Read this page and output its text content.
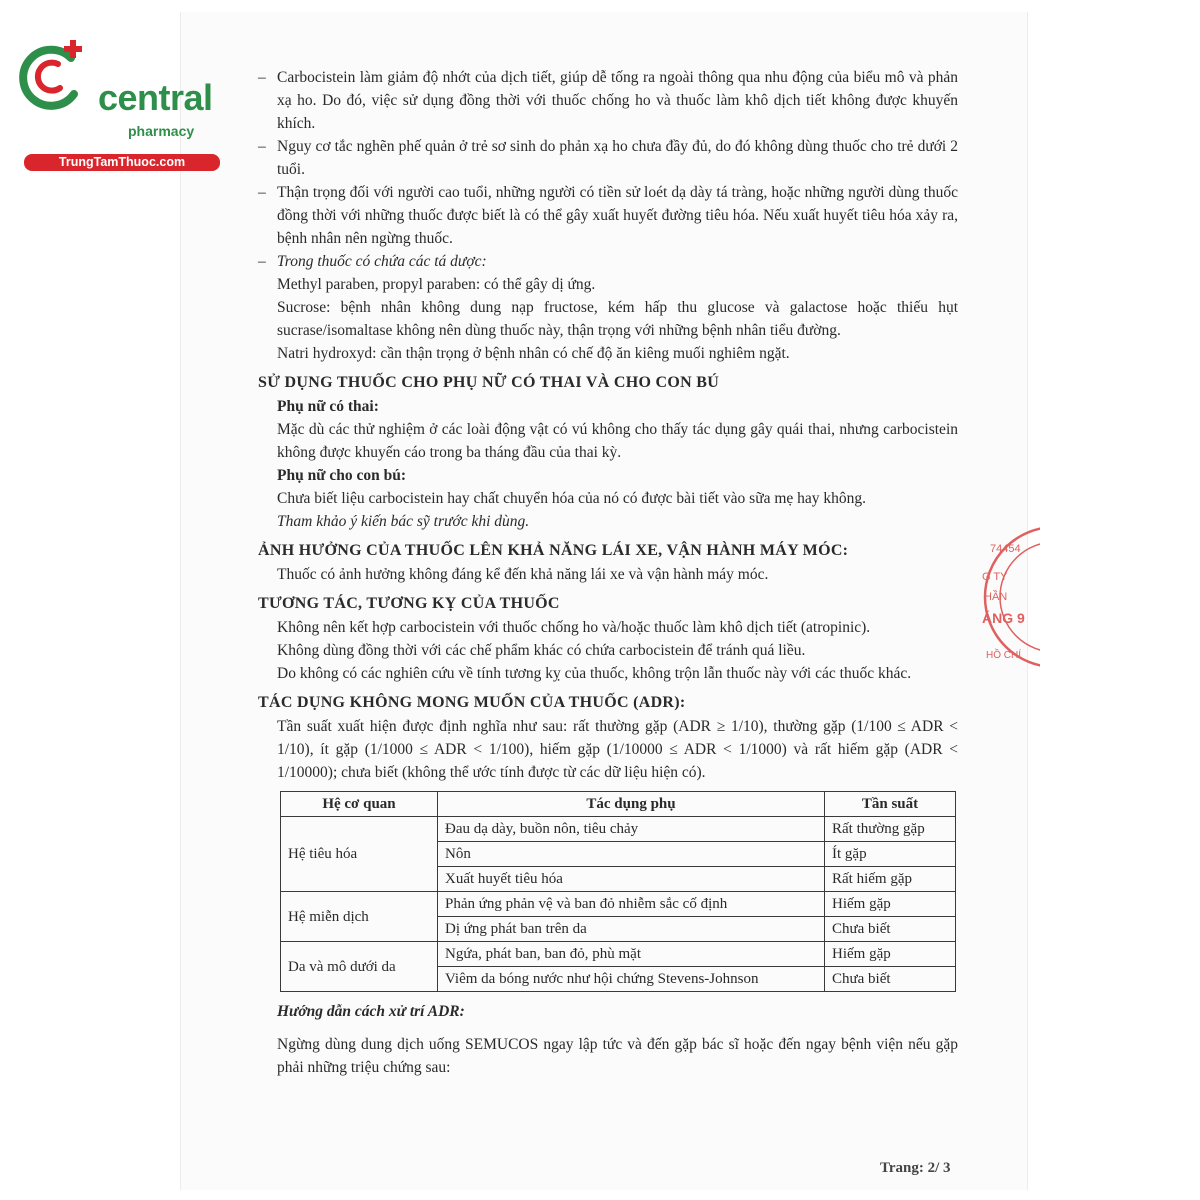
central
pharmacy
TrungTamThuoc.com
74454
G TY
HẦN
ÁNG 9
HỒ CHÍ

– Carbocistein làm giảm độ nhớt của dịch tiết, giúp dễ tống ra ngoài thông qua nhu động của biểu mô và phản xạ ho. Do đó, việc sử dụng đồng thời với thuốc chống ho và thuốc làm khô dịch tiết không được khuyến khích.

– Nguy cơ tắc nghẽn phế quản ở trẻ sơ sinh do phản xạ ho chưa đầy đủ, do đó không dùng thuốc cho trẻ dưới 2 tuổi.

– Thận trọng đối với người cao tuổi, những người có tiền sử loét dạ dày tá tràng, hoặc những người dùng thuốc đồng thời với những thuốc được biết là có thể gây xuất huyết đường tiêu hóa. Nếu xuất huyết tiêu hóa xảy ra, bệnh nhân nên ngừng thuốc.

– Trong thuốc có chứa các tá dược:

Methyl paraben, propyl paraben: có thể gây dị ứng.

Sucrose: bệnh nhân không dung nạp fructose, kém hấp thu glucose và galactose hoặc thiếu hụt sucrase/isomaltase không nên dùng thuốc này, thận trọng với những bệnh nhân tiểu đường.

Natri hydroxyd: cần thận trọng ở bệnh nhân có chế độ ăn kiêng muối nghiêm ngặt.

SỬ DỤNG THUỐC CHO PHỤ NỮ CÓ THAI VÀ CHO CON BÚ

Phụ nữ có thai:

Mặc dù các thử nghiệm ở các loài động vật có vú không cho thấy tác dụng gây quái thai, nhưng carbocistein không được khuyến cáo trong ba tháng đầu của thai kỳ.

Phụ nữ cho con bú:

Chưa biết liệu carbocistein hay chất chuyển hóa của nó có được bài tiết vào sữa mẹ hay không.

Tham khảo ý kiến bác sỹ trước khi dùng.

ẢNH HƯỞNG CỦA THUỐC LÊN KHẢ NĂNG LÁI XE, VẬN HÀNH MÁY MÓC:

Thuốc có ảnh hưởng không đáng kể đến khả năng lái xe và vận hành máy móc.

TƯƠNG TÁC, TƯƠNG KỴ CỦA THUỐC

Không nên kết hợp carbocistein với thuốc chống ho và/hoặc thuốc làm khô dịch tiết (atropinic).

Không dùng đồng thời với các chế phẩm khác có chứa carbocistein để tránh quá liều.

Do không có các nghiên cứu về tính tương kỵ của thuốc, không trộn lẫn thuốc này với các thuốc khác.

TÁC DỤNG KHÔNG MONG MUỐN CỦA THUỐC (ADR):

Tần suất xuất hiện được định nghĩa như sau: rất thường gặp (ADR ≥ 1/10), thường gặp (1/100 ≤ ADR < 1/10), ít gặp (1/1000 ≤ ADR < 1/100), hiếm gặp (1/10000 ≤ ADR < 1/1000) và rất hiếm gặp (ADR < 1/10000); chưa biết (không thể ước tính được từ các dữ liệu hiện có).

Hệ cơ quan	Tác dụng phụ	Tần suất
Hệ tiêu hóa	Đau dạ dày, buồn nôn, tiêu chảy	Rất thường gặp
	Nôn	Ít gặp
	Xuất huyết tiêu hóa	Rất hiếm gặp
Hệ miễn dịch	Phản ứng phản vệ và ban đỏ nhiễm sắc cố định	Hiếm gặp
	Dị ứng phát ban trên da	Chưa biết
Da và mô dưới da	Ngứa, phát ban, ban đỏ, phù mặt	Hiếm gặp
	Viêm da bóng nước như hội chứng Stevens-Johnson	Chưa biết

Hướng dẫn cách xử trí ADR:

Ngừng dùng dung dịch uống SEMUCOS ngay lập tức và đến gặp bác sĩ hoặc đến ngay bệnh viện nếu gặp phải những triệu chứng sau:

Trang: 2/ 3
